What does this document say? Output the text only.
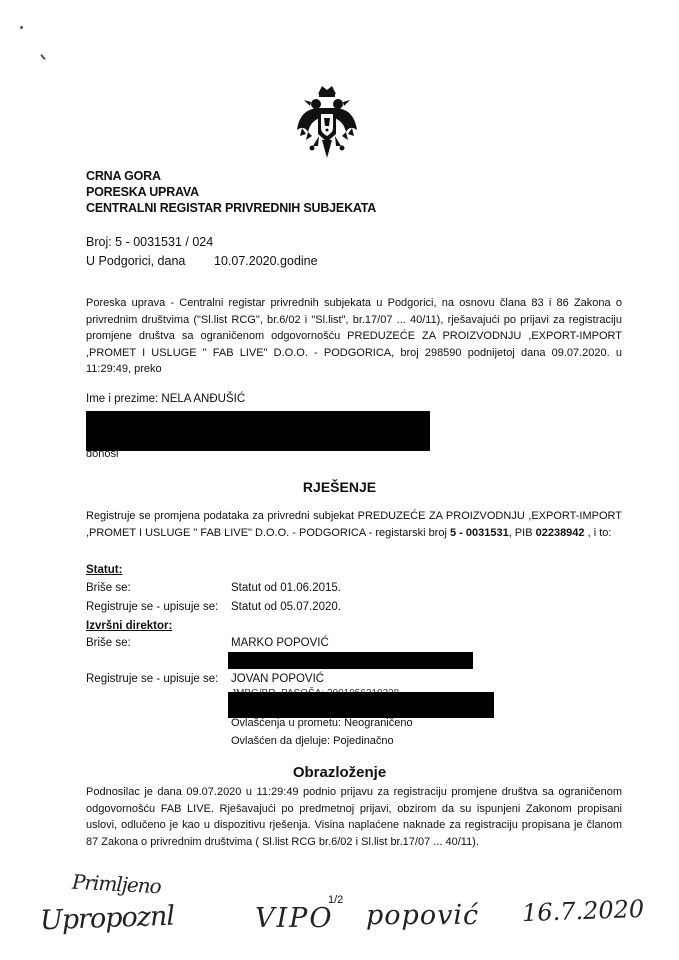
CRNA GORA
PORESKA UPRAVA
CENTRALNI REGISTAR PRIVREDNIH SUBJEKATA
Broj: 5 - 0031531 / 024
U Podgorici, dana 10.07.2020.godine
Poreska uprava - Centralni registar privrednih subjekata u Podgorici, na osnovu člana 83 i 86 Zakona o privrednim društvima ("Sl.list RCG", br.6/02 i "Sl.list", br.17/07 ... 40/11), rješavajući po prijavi za registraciju promjene društva sa ograničenom odgovornošću PREDUZEĆE ZA PROIZVODNJU ,EXPORT-IMPORT ,PROMET I USLUGE " FAB LIVE" D.O.O. - PODGORICA, broj 298590 podnijetoj dana 09.07.2020. u 11:29:49, preko
Ime i prezime: NELA ANĐUŠIĆ
donosi
RJEŠENJE
Registruje se promjena podataka za privredni subjekat PREDUZEĆE ZA PROIZVODNJU ,EXPORT-IMPORT ,PROMET I USLUGE " FAB LIVE" D.O.O. - PODGORICA - registarski broj 5 - 0031531, PIB 02238942 , i to:
Statut:
Briše se:	Statut od 01.06.2015.
Registruje se - upisuje se: Statut od 05.07.2020.
Izvršni direktor:
Briše se:	MARKO POPOVIĆ
Registruje se - upisuje se: JOVAN POPOVIĆ
Ovlašćenja u prometu: Neograničeno
Ovlašćen da djeluje: Pojedinačno
Obrazloženje
Podnosilac je dana 09.07.2020 u 11:29:49 podnio prijavu za registraciju promjene društva sa ograničenom odgovornošću FAB LIVE. Rješavajući po predmetnoj prijavi, obzirom da su ispunjeni Zakonom propisani uslovi, odlučeno je kao u dispozitivu rješenja. Visina naplaćene naknade za registraciju propisana je članom 87 Zakona o privrednim društvima ( Sl.list RCG br.6/02 i Sl.list br.17/07 ... 40/11).
Primljeno
1/2
Upropoznl	VIPO popović 16.7.2020
